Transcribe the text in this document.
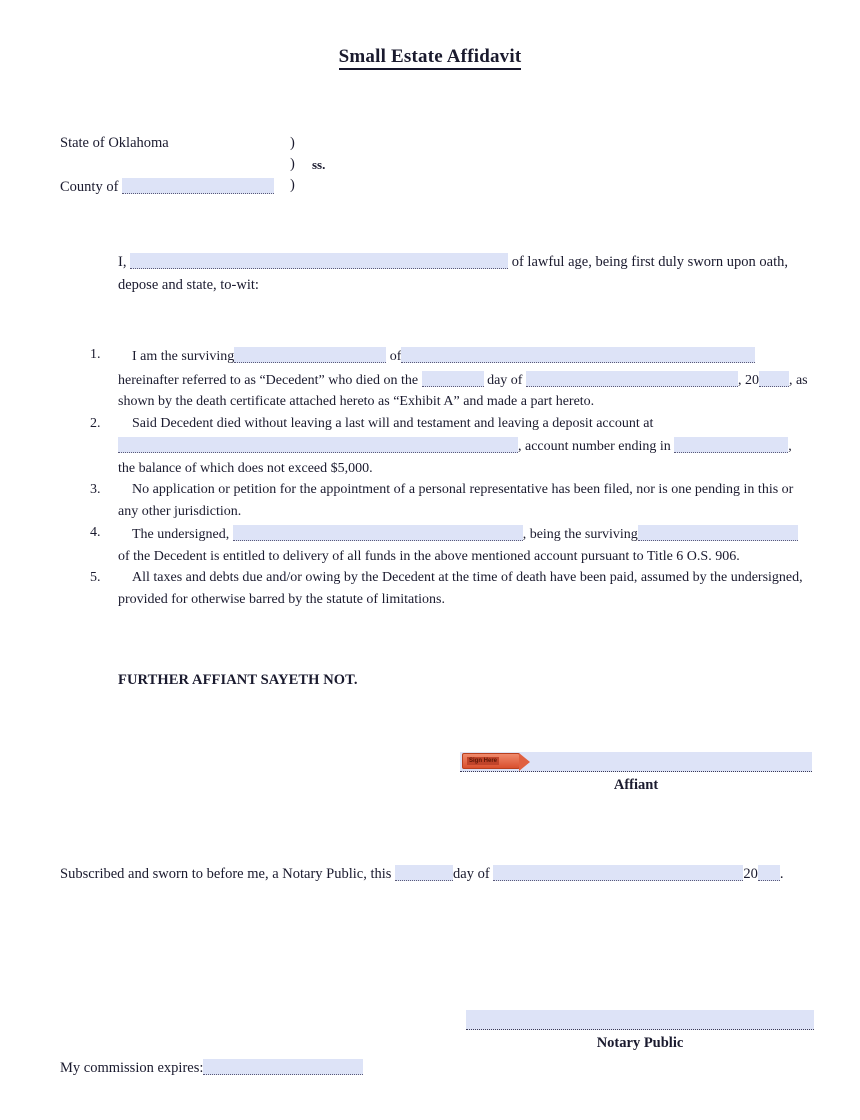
Small Estate Affidavit
State of Oklahoma	)
) ss.
County of	)
I,	of lawful age, being first duly sworn upon oath, depose and state, to-wit:
1.	I am the surviving	of hereinafter referred to as “Decedent” who died on the	day of	, 20 , as shown by the death certificate attached hereto as “Exhibit A” and made a part hereto.
2.	Said Decedent died without leaving a last will and testament and leaving a deposit account at , account number ending in	, the balance of which does not exceed $5,000.
3.	No application or petition for the appointment of a personal representative has been filed, nor is one pending in this or any other jurisdiction.
4.	The undersigned,	, being the surviving of the Decedent is entitled to delivery of all funds in the above mentioned account pursuant to Title 6 O.S. 906.
5.	All taxes and debts due and/or owing by the Decedent at the time of death have been paid, assumed by the undersigned, provided for otherwise barred by the statute of limitations.
FURTHER AFFIANT SAYETH NOT.
Sign Here
Affiant
Subscribed and sworn to before me, a Notary Public, this	day of	20 .
Notary Public
My commission expires:
